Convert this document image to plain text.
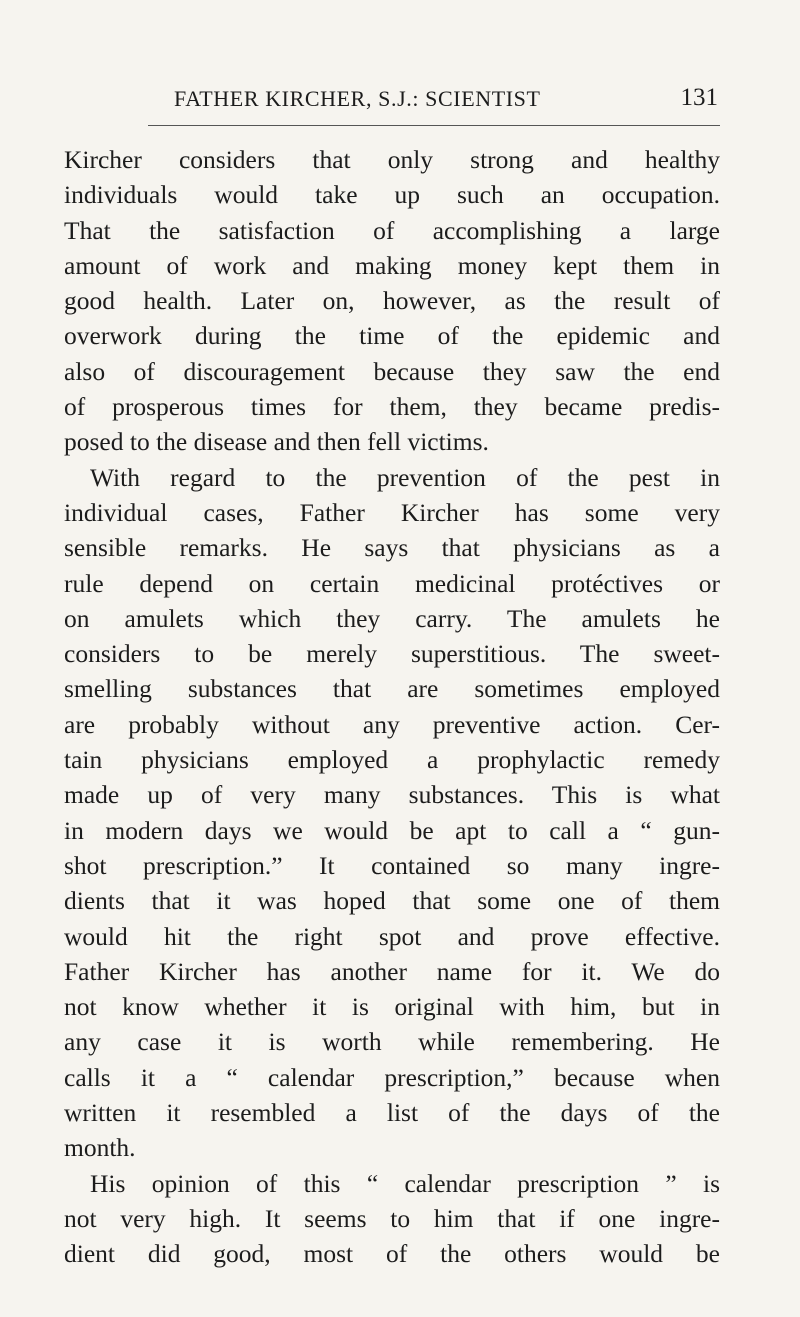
FATHER KIRCHER, S.J.: SCIENTIST	131
Kircher considers that only strong and healthy
individuals would take up such an occupation.
That the satisfaction of accomplishing a large
amount of work and making money kept them in
good health. Later on, however, as the result of
overwork during the time of the epidemic and
also of discouragement because they saw the end
of prosperous times for them, they became predis-
posed to the disease and then fell victims.
With regard to the prevention of the pest in
individual cases, Father Kircher has some very
sensible remarks. He says that physicians as a
rule depend on certain medicinal protéctives or
on amulets which they carry. The amulets he
considers to be merely superstitious. The sweet-
smelling substances that are sometimes employed
are probably without any preventive action. Cer-
tain physicians employed a prophylactic remedy
made up of very many substances. This is what
in modern days we would be apt to call a “ gun-
shot prescription.” It contained so many ingre-
dients that it was hoped that some one of them
would hit the right spot and prove effective.
Father Kircher has another name for it. We do
not know whether it is original with him, but in
any case it is worth while remembering. He
calls it a “ calendar prescription,” because when
written it resembled a list of the days of the
month.
His opinion of this “ calendar prescription ” is
not very high. It seems to him that if one ingre-
dient did good, most of the others would be
